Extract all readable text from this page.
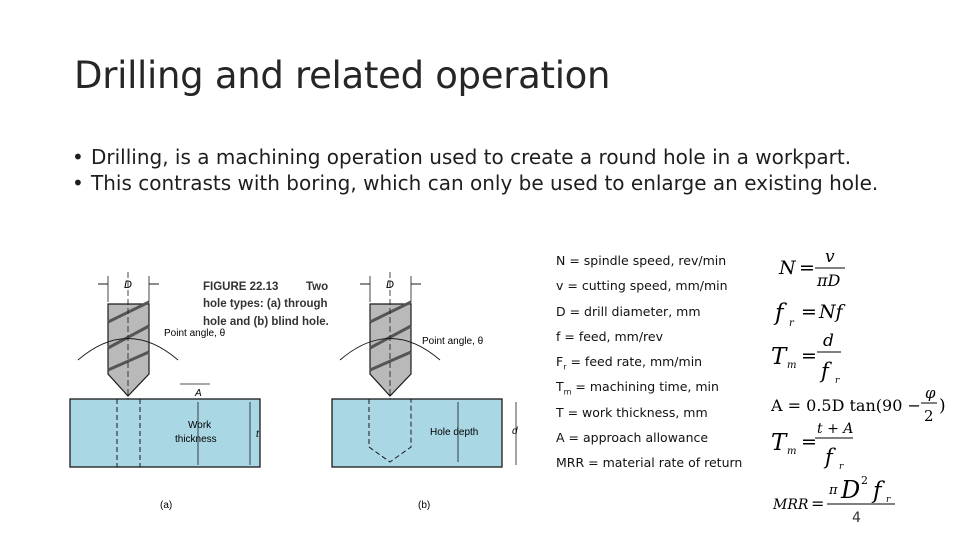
Drilling and related operation
• Drilling, is a machining operation used to create a round hole in a workpart.
• This contrasts with boring, which can only be used to enlarge an existing hole.
D
Point angle, θ
A
Work
thickness	t
(a)
D
Point angle, θ
Hole depth	d
(b)
FIGURE 22.13 Two
hole types: (a) through
hole and (b) blind hole.
N = spindle speed, rev/min
v = cutting speed, mm/min
D = drill diameter, mm
f = feed, mm/rev
$F_r$ = feed rate, mm/min
$T_m$ = machining time, min
T = work thickness, mm
A = approach allowance
MRR = material rate of return
N = v
πD
f r
= Nf
T m =
d
f r
A = 0.5D tan(90 −
φ
2 )
T m =
t + A
f r
MRR =
π D 2 f r
4
